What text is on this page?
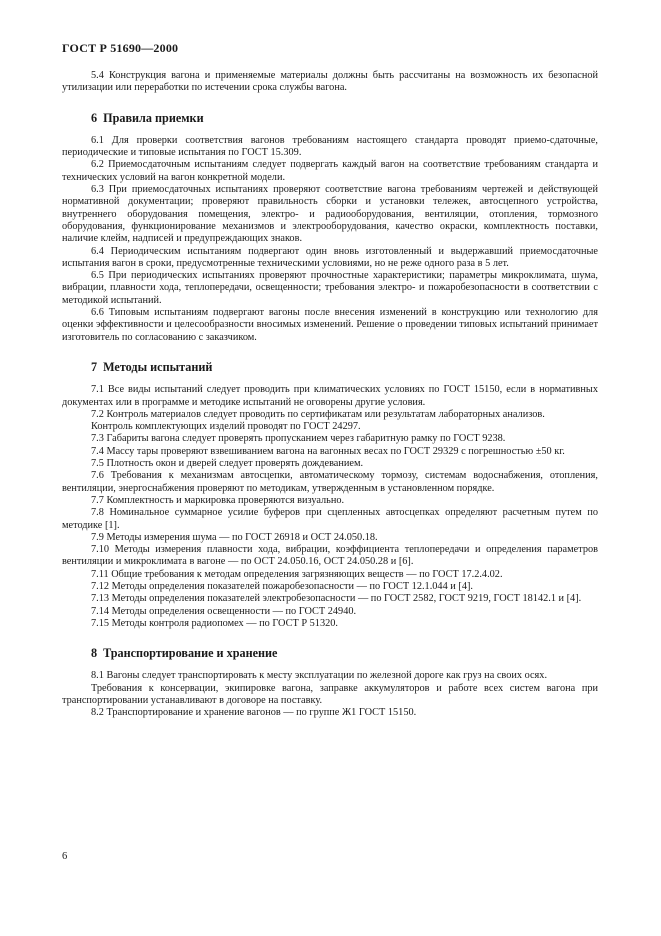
ГОСТ Р 51690—2000

5.4 Конструкция вагона и применяемые материалы должны быть рассчитаны на возможность их безопасной утилизации или переработки по истечении срока службы вагона.

6 Правила приемки

6.1 Для проверки соответствия вагонов требованиям настоящего стандарта проводят приемо-сдаточные, периодические и типовые испытания по ГОСТ 15.309.

6.2 Приемосдаточным испытаниям следует подвергать каждый вагон на соответствие требованиям стандарта и технических условий на вагон конкретной модели.

6.3 При приемосдаточных испытаниях проверяют соответствие вагона требованиям чертежей и действующей нормативной документации; проверяют правильность сборки и установки тележек, автосцепного устройства, внутреннего оборудования помещения, электро- и радиооборудования, вентиляции, отопления, тормозного оборудования, функционирование механизмов и электрооборудования, качество окраски, комплектность поставки, наличие клейм, надписей и предупреждающих знаков.

6.4 Периодическим испытаниям подвергают один вновь изготовленный и выдержавший приемосдаточные испытания вагон в сроки, предусмотренные техническими условиями, но не реже одного раза в 5 лет.

6.5 При периодических испытаниях проверяют прочностные характеристики; параметры микроклимата, шума, вибрации, плавности хода, теплопередачи, освещенности; требования электро- и пожаробезопасности в соответствии с методикой испытаний.

6.6 Типовым испытаниям подвергают вагоны после внесения изменений в конструкцию или технологию для оценки эффективности и целесообразности вносимых изменений. Решение о проведении типовых испытаний принимает изготовитель по согласованию с заказчиком.

7 Методы испытаний

7.1 Все виды испытаний следует проводить при климатических условиях по ГОСТ 15150, если в нормативных документах или в программе и методике испытаний не оговорены другие условия.

7.2 Контроль материалов следует проводить по сертификатам или результатам лабораторных анализов.

Контроль комплектующих изделий проводят по ГОСТ 24297.

7.3 Габариты вагона следует проверять пропусканием через габаритную рамку по ГОСТ 9238.

7.4 Массу тары проверяют взвешиванием вагона на вагонных весах по ГОСТ 29329 с погрешностью ±50 кг.

7.5 Плотность окон и дверей следует проверять дождеванием.

7.6 Требования к механизмам автосцепки, автоматическому тормозу, системам водоснабжения, отопления, вентиляции, энергоснабжения проверяют по методикам, утвержденным в установленном порядке.

7.7 Комплектность и маркировка проверяются визуально.

7.8 Номинальное суммарное усилие буферов при сцепленных автосцепках определяют расчетным путем по методике [1].

7.9 Методы измерения шума — по ГОСТ 26918 и ОСТ 24.050.18.

7.10 Методы измерения плавности хода, вибрации, коэффициента теплопередачи и определения параметров вентиляции и микроклимата в вагоне — по ОСТ 24.050.16, ОСТ 24.050.28 и [6].

7.11 Общие требования к методам определения загрязняющих веществ — по ГОСТ 17.2.4.02.

7.12 Методы определения показателей пожаробезопасности — по ГОСТ 12.1.044 и [4].

7.13 Методы определения показателей электробезопасности — по ГОСТ 2582, ГОСТ 9219, ГОСТ 18142.1 и [4].

7.14 Методы определения освещенности — по ГОСТ 24940.

7.15 Методы контроля радиопомех — по ГОСТ Р 51320.

8 Транспортирование и хранение

8.1 Вагоны следует транспортировать к месту эксплуатации по железной дороге как груз на своих осях.

Требования к консервации, экипировке вагона, заправке аккумуляторов и работе всех систем вагона при транспортировании устанавливают в договоре на поставку.

8.2 Транспортирование и хранение вагонов — по группе Ж1 ГОСТ 15150.

6
